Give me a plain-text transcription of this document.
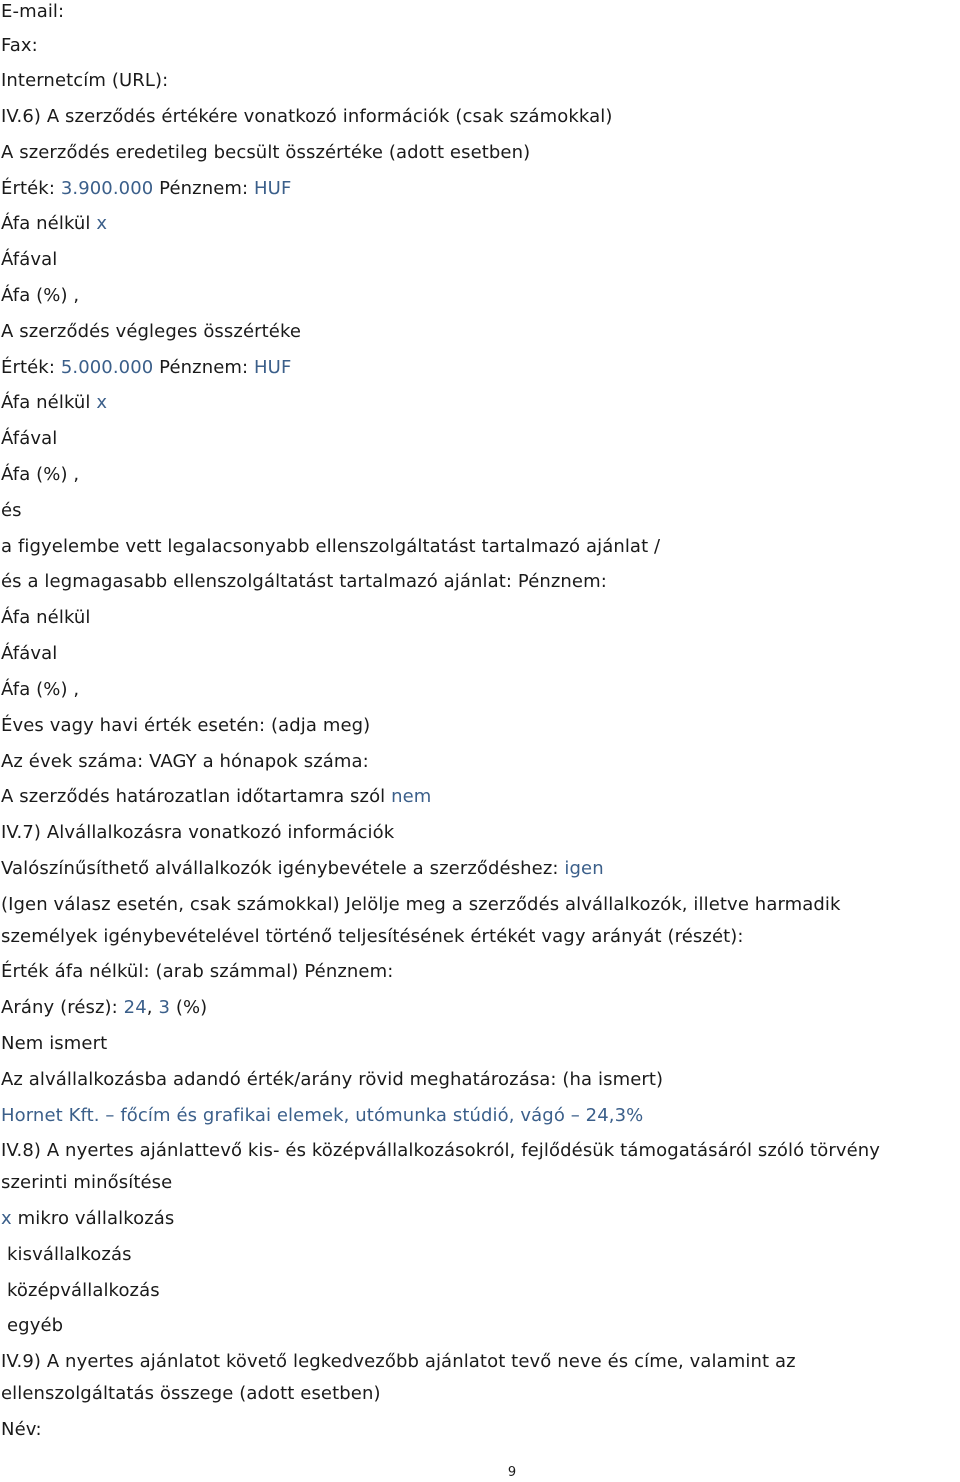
E-mail:
Fax:
Internetcím (URL):
IV.6) A szerződés értékére vonatkozó információk (csak számokkal)
A szerződés eredetileg becsült összértéke (adott esetben)
Érték: 3.900.000 Pénznem: HUF
Áfa nélkül x
Áfával
Áfa (%) ,
A szerződés végleges összértéke
Érték: 5.000.000 Pénznem: HUF
Áfa nélkül x
Áfával
Áfa (%) ,
és
a figyelembe vett legalacsonyabb ellenszolgáltatást tartalmazó ajánlat /
és a legmagasabb ellenszolgáltatást tartalmazó ajánlat: Pénznem:
Áfa nélkül
Áfával
Áfa (%) ,
Éves vagy havi érték esetén: (adja meg)
Az évek száma: VAGY a hónapok száma:
A szerződés határozatlan időtartamra szól nem
IV.7) Alvállalkozásra vonatkozó információk
Valószínűsíthető alvállalkozók igénybevétele a szerződéshez: igen
(Igen válasz esetén, csak számokkal) Jelölje meg a szerződés alvállalkozók, illetve harmadik
személyek igénybevételével történő teljesítésének értékét vagy arányát (részét):
Érték áfa nélkül: (arab számmal) Pénznem:
Arány (rész): 24, 3 (%)
Nem ismert
Az alvállalkozásba adandó érték/arány rövid meghatározása: (ha ismert)
Hornet Kft. – főcím és grafikai elemek, utómunka stúdió, vágó – 24,3%
IV.8) A nyertes ajánlattevő kis- és középvállalkozásokról, fejlődésük támogatásáról szóló törvény
szerinti minősítése
x mikro vállalkozás
kisvállalkozás
középvállalkozás
egyéb
IV.9) A nyertes ajánlatot követő legkedvezőbb ajánlatot tevő neve és címe, valamint az
ellenszolgáltatás összege (adott esetben)
Név:
9
